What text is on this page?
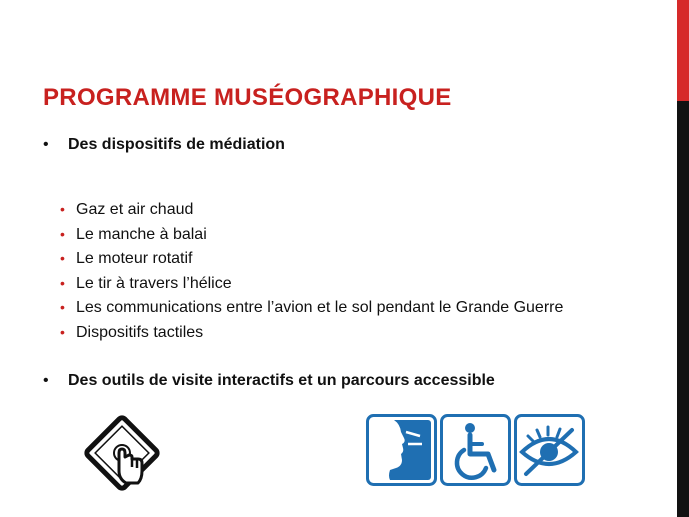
PROGRAMME MUSÉOGRAPHIQUE
• Des dispositifs de médiation
• Gaz et air chaud
• Le manche à balai
• Le moteur rotatif
• Le tir à travers l’hélice
• Les communications entre l’avion et le sol pendant le Grande Guerre
• Dispositifs tactiles
• Des outils de visite interactifs et un parcours accessible
